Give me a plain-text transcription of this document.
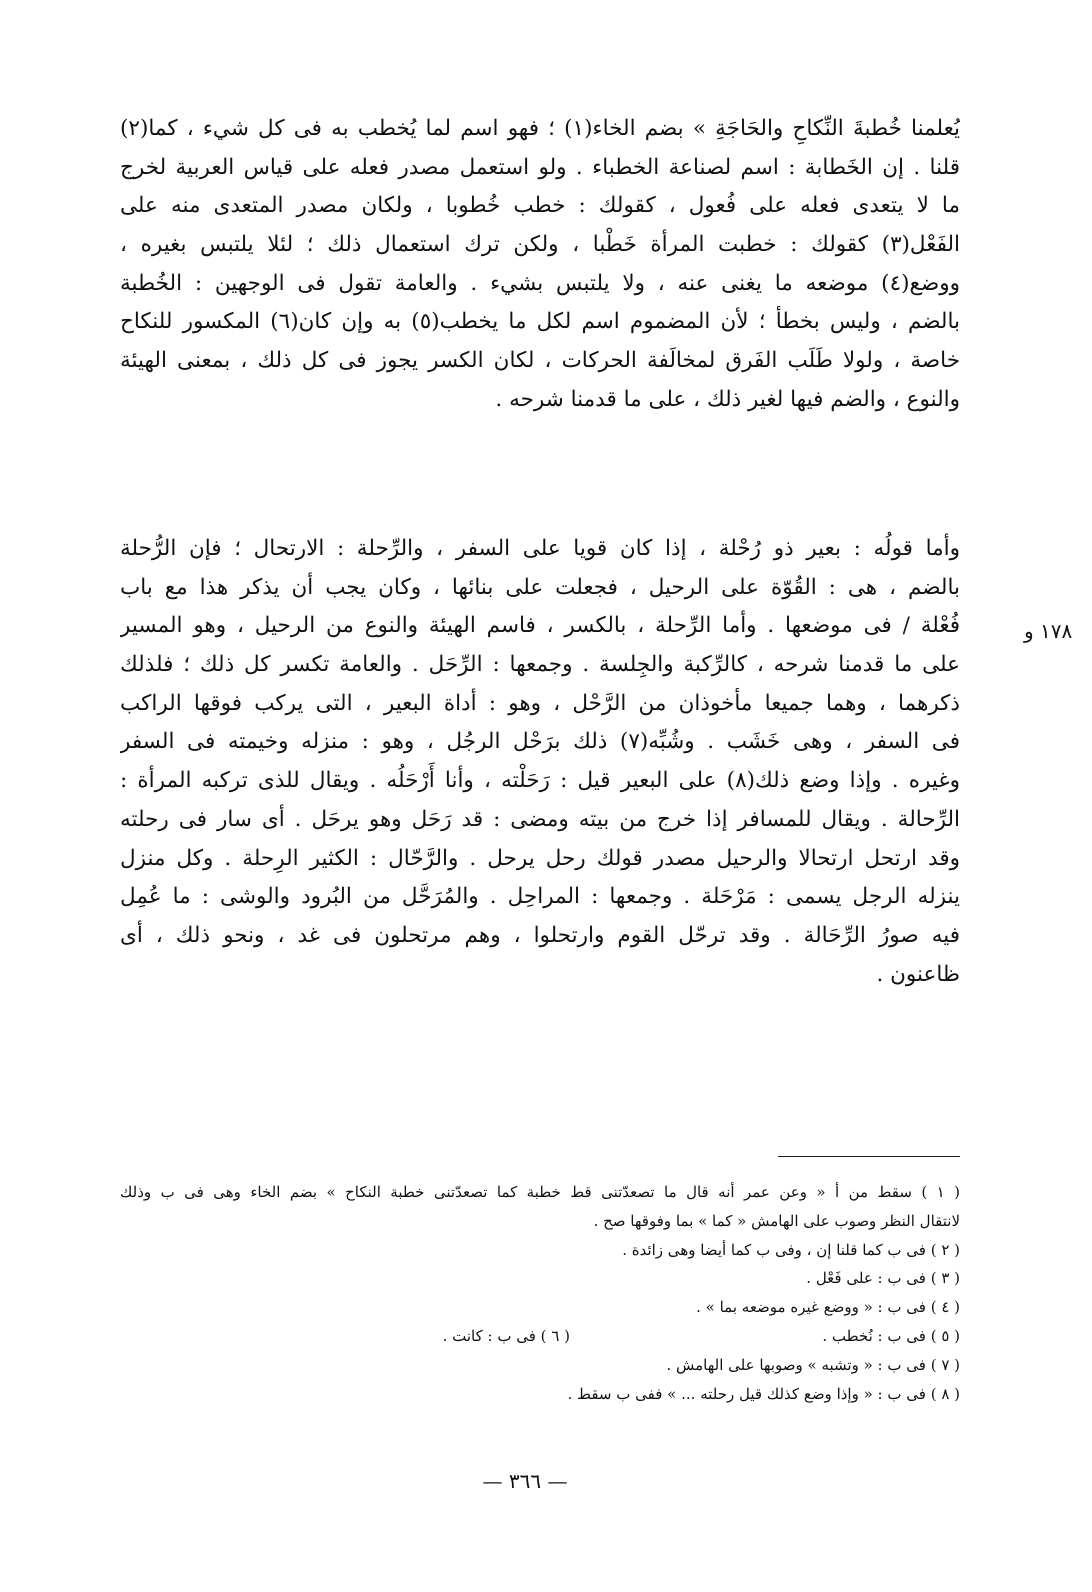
يُعلمنا خُطبةَ النِّكاحِ والحَاجَةِ » بضم الخاء(١) ؛ فهو اسم لما يُخطب به فى كل شيء ، كما(٢)
قلنا . إن الخَطابة : اسم لصناعة الخطباء . ولو استعمل مصدر فعله على قياس العربية لخرج
ما لا يتعدى فعله على فُعول ، كقولك : خطب خُطوبا ، ولكان مصدر المتعدى منه على
الفَعْل(٣) كقولك : خطبت المرأة خَطْبا ، ولكن ترك استعمال ذلك ؛ لئلا يلتبس بغيره ،
ووضع(٤) موضعه ما يغنى عنه ، ولا يلتبس بشيء . والعامة تقول فى الوجهين : الخُطبة
بالضم ، وليس بخطأ ؛ لأن المضموم اسم لكل ما يخطب(٥) به وإن كان(٦) المكسور للنكاح
خاصة ، ولولا طَلَب الفَرق لمخالَفة الحركات ، لكان الكسر يجوز فى كل ذلك ، بمعنى الهيئة
والنوع ، والضم فيها لغير ذلك ، على ما قدمنا شرحه .
وأما قولُه : بعير ذو رُحْلة ، إذا كان قويا على السفر ، والرِّحلة : الارتحال ؛ فإن الرُّحلة
بالضم ، هى : القُوّة على الرحيل ، فجعلت على بنائها ، وكان يجب أن يذكر هذا مع باب
فُعْلة / فى موضعها . وأما الرِّحلة ، بالكسر ، فاسم الهيئة والنوع من الرحيل ، وهو المسير
على ما قدمنا شرحه ، كالرِّكبة والجِلسة . وجمعها : الرِّحَل . والعامة تكسر كل ذلك ؛ فلذلك
ذكرهما ، وهما جميعا مأخوذان من الرَّحْل ، وهو : أداة البعير ، التى يركب فوقها الراكب
فى السفر ، وهى خَشَب . وشُبِّه(٧) ذلك برَحْل الرجُل ، وهو : منزله وخيمته فى السفر
وغيره . وإذا وضع ذلك(٨) على البعير قيل : رَحَلْته ، وأنا أَرْحَلُه . ويقال للذى تركبه المرأة :
الرِّحالة . ويقال للمسافر إذا خرج من بيته ومضى : قد رَحَل وهو يرحَل . أى سار فى رحلته
وقد ارتحل ارتحالا والرحيل مصدر قولك رحل يرحل . والرَّحّال : الكثير الرِحلة . وكل منزل
ينزله الرجل يسمى : مَرْحَلة . وجمعها : المراحِل . والمُرَحَّل من البُرود والوشى : ما عُمِل
فيه صورُ الرِّحَالة . وقد ترحّل القوم وارتحلوا ، وهم مرتحلون فى غد ، ونحو ذلك ، أى
ظاعنون .
١٧٨ و
( ١ ) سقط من أ « وعن عمر أنه قال ما تصعدّتنى قط خطبة كما تصعدّتنى خطبة النكاح » بضم الخاء وهى فى ب وذلك
لانتقال النظر وصوب على الهامش « كما » بما وفوقها صح .
( ٢ ) فى ب كما قلنا إن ، وفى ب كما أيضا وهى زائدة .
( ٣ ) فى ب : على فَعْل .
( ٤ ) فى ب : « ووضع غيره موضعه بما » .
( ٥ ) فى ب : نُخطب .
( ٦ ) فى ب : كانت .
( ٧ ) فى ب : « وتشبه » وصوبها على الهامش .
( ٨ ) فى ب : « وإذا وضع كذلك قيل رحلته ... » ففى ب سقط .
— ٣٦٦ —
